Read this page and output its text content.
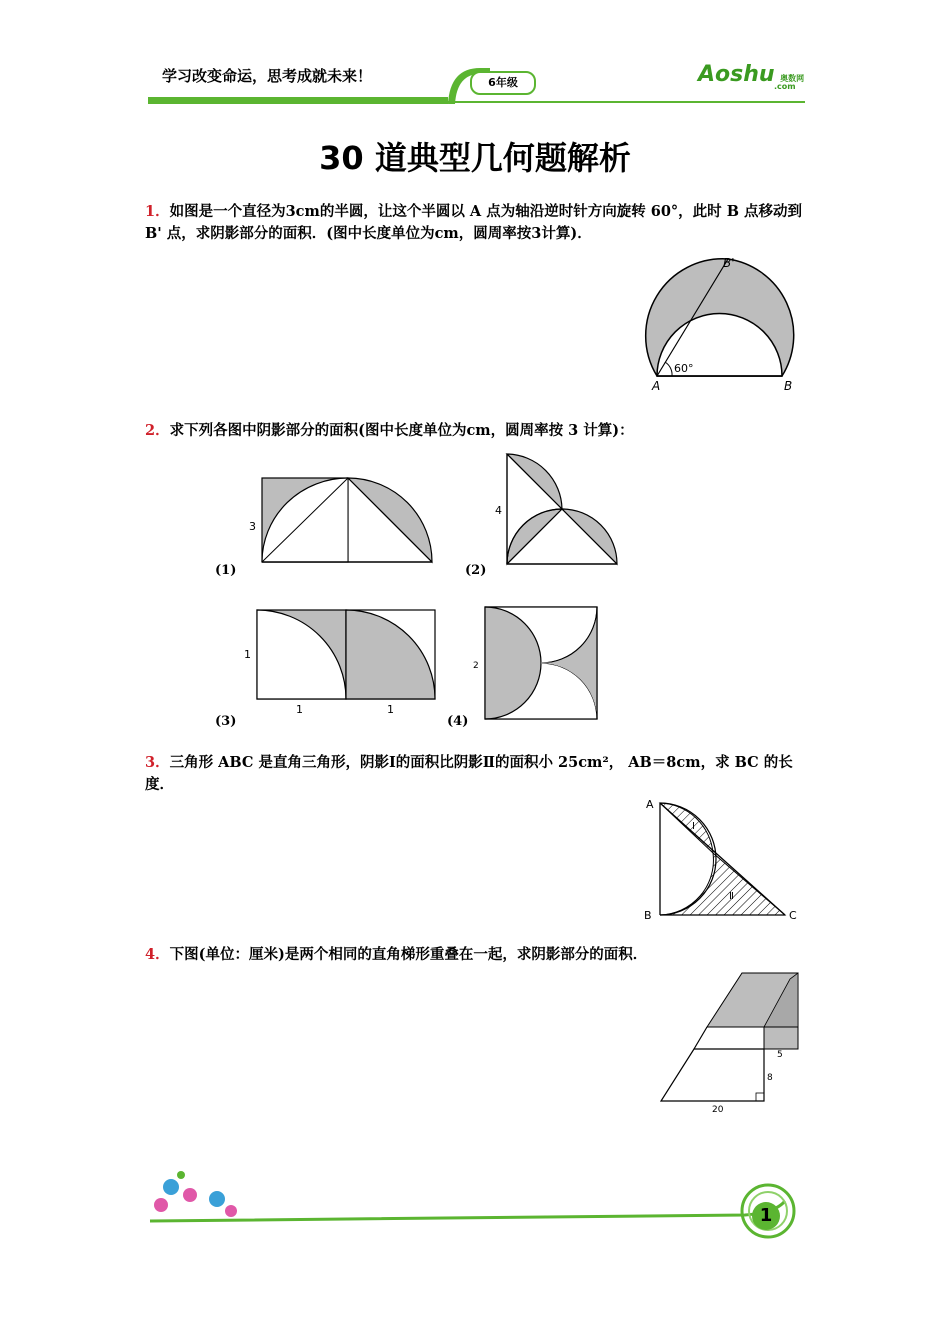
学习改变命运，思考成就未来！	6年级	Aoshu 奥数网

.com
30 道典型几何题解析
1．如图是一个直径为3cm的半圆，让这个半圆以 A 点为轴沿逆时针方向旋转 60°，此时 B 点移动到 B' 点，求阴影部分的面积．(图中长度单位为cm，圆周率按3计算)．
B'
60°
A	B
2．求下列各图中阴影部分的面积(图中长度单位为cm，圆周率按 3 计算)：
3
(1)
4
(2)
1
1	1
(3)
2
(4)
3．三角形 ABC 是直角三角形，阴影Ⅰ的面积比阴影Ⅱ的面积小 25cm²， AB＝8cm，求 BC 的长度．
A
B	C
Ⅰ
Ⅱ
4．下图(单位：厘米)是两个相同的直角梯形重叠在一起，求阴影部分的面积．
5
8
20
1
